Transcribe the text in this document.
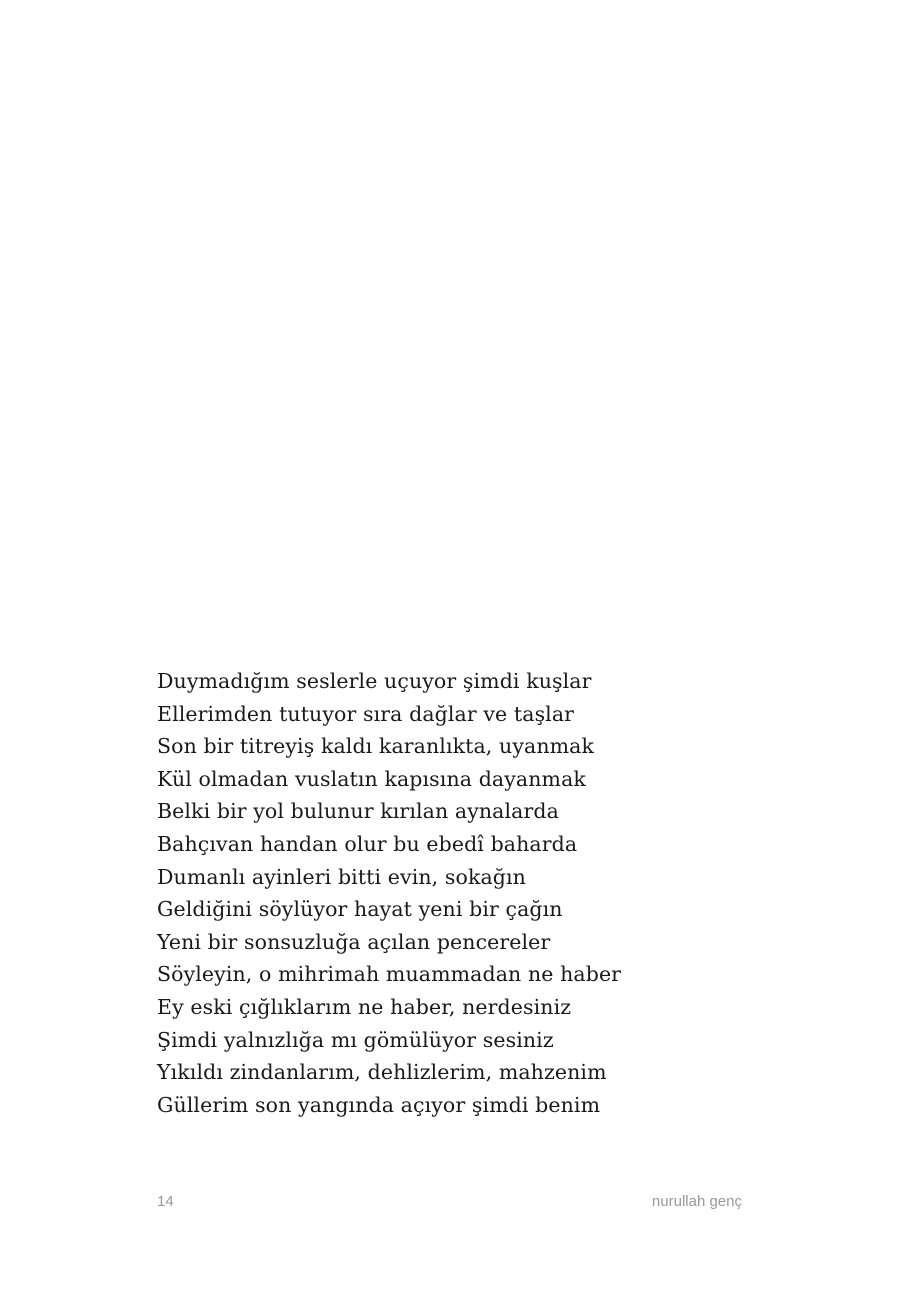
Duymadığım seslerle uçuyor şimdi kuşlar
Ellerimden tutuyor sıra dağlar ve taşlar
Son bir titreyiş kaldı karanlıkta, uyanmak
Kül olmadan vuslatın kapısına dayanmak
Belki bir yol bulunur kırılan aynalarda
Bahçıvan handan olur bu ebedî baharda
Dumanlı ayinleri bitti evin, sokağın
Geldiğini söylüyor hayat yeni bir çağın
Yeni bir sonsuzluğa açılan pencereler
Söyleyin, o mihrimah muammadan ne haber
Ey eski çığlıklarım ne haber, nerdesiniz
Şimdi yalnızlığa mı gömülüyor sesiniz
Yıkıldı zindanlarım, dehlizlerim, mahzenim
Güllerim son yangında açıyor şimdi benim
14	nurullah genç
